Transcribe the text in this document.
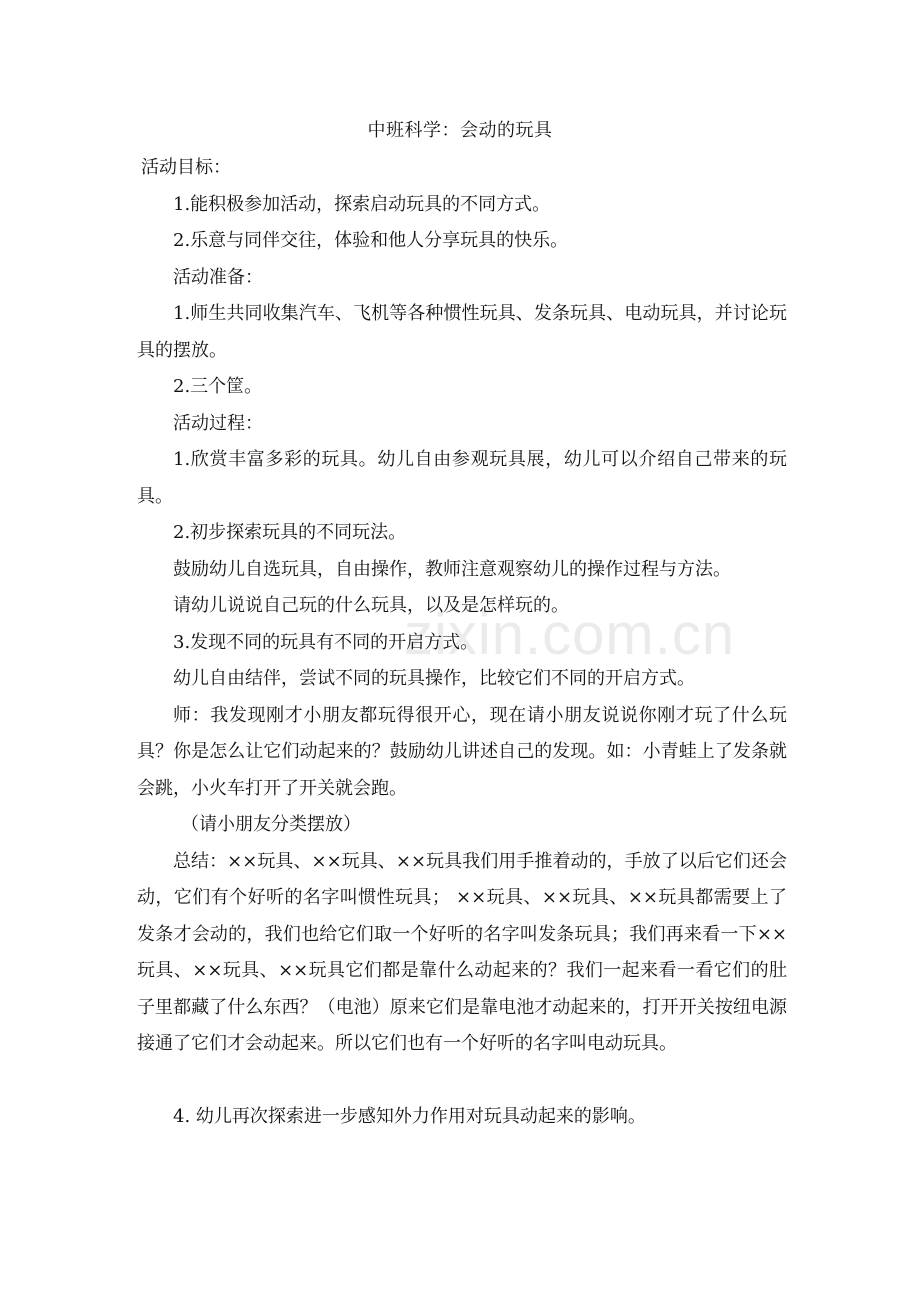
zixin.com.cn
中班科学：会动的玩具

活动目标：

1.能积极参加活动，探索启动玩具的不同方式。

2.乐意与同伴交往，体验和他人分享玩具的快乐。

活动准备：

1.师生共同收集汽车、飞机等各种惯性玩具、发条玩具、电动玩具，并讨论玩具的摆放。

2.三个筐。

活动过程：

1.欣赏丰富多彩的玩具。幼儿自由参观玩具展，幼儿可以介绍自己带来的玩具。

2.初步探索玩具的不同玩法。

鼓励幼儿自选玩具，自由操作，教师注意观察幼儿的操作过程与方法。

请幼儿说说自己玩的什么玩具，以及是怎样玩的。

3.发现不同的玩具有不同的开启方式。

幼儿自由结伴，尝试不同的玩具操作，比较它们不同的开启方式。

师：我发现刚才小朋友都玩得很开心，现在请小朋友说说你刚才玩了什么玩具？你是怎么让它们动起来的？鼓励幼儿讲述自己的发现。如：小青蛙上了发条就会跳，小火车打开了开关就会跑。

（请小朋友分类摆放）

总结：××玩具、××玩具、××玩具我们用手推着动的，手放了以后它们还会动，它们有个好听的名字叫惯性玩具； ××玩具、××玩具、××玩具都需要上了发条才会动的，我们也给它们取一个好听的名字叫发条玩具；我们再来看一下××玩具、××玩具、××玩具它们都是靠什么动起来的？我们一起来看一看它们的肚子里都藏了什么东西？（电池）原来它们是靠电池才动起来的，打开开关按纽电源接通了它们才会动起来。所以它们也有一个好听的名字叫电动玩具。

4. 幼儿再次探索进一步感知外力作用对玩具动起来的影响。
